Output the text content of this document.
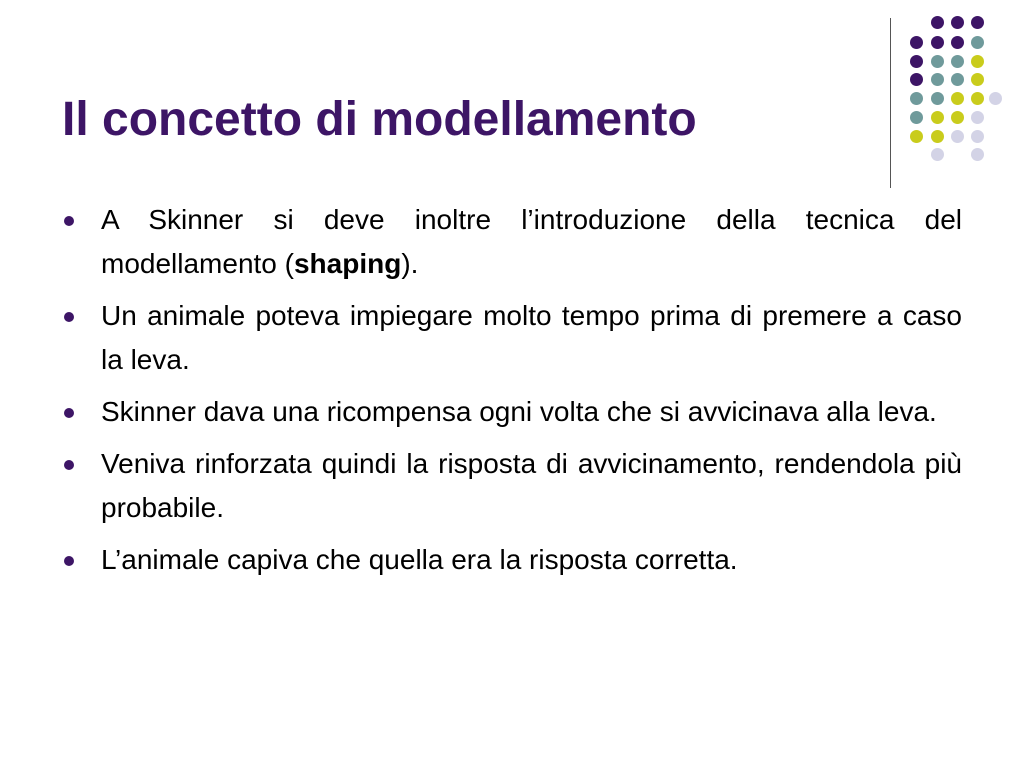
Il concetto di modellamento
A Skinner si deve inoltre l’introduzione della tecnica del modellamento (shaping).
Un animale poteva impiegare molto tempo prima di premere a caso la leva.
Skinner dava una ricompensa ogni volta che si avvicinava alla leva.
Veniva rinforzata quindi la risposta di avvicinamento, rendendola più probabile.
L’animale capiva che quella era la risposta corretta.
